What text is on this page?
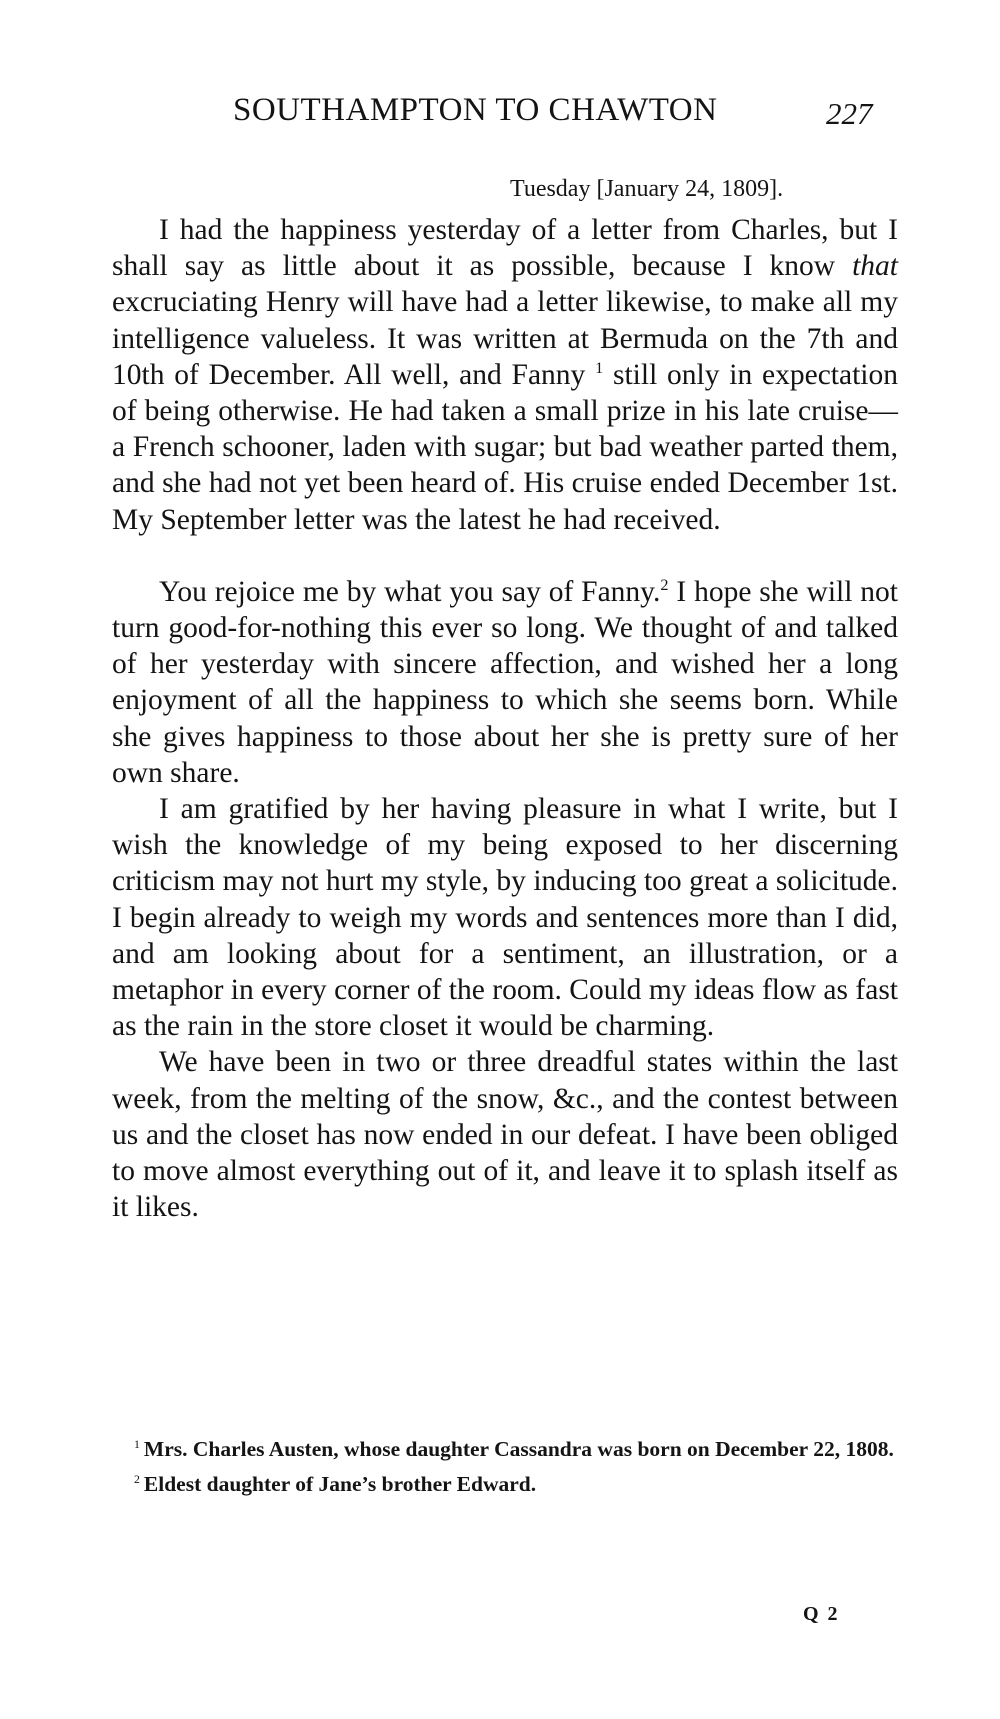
SOUTHAMPTON TO CHAWTON	227
Tuesday [January 24, 1809].

I had the happiness yesterday of a letter from Charles, but I shall say as little about it as possible, because I know that excruciating Henry will have had a letter likewise, to make all my intelligence valueless. It was written at Bermuda on the 7th and 10th of December. All well, and Fanny $^1$ still only in expectation of being otherwise. He had taken a small prize in his late cruise—a French schooner, laden with sugar; but bad weather parted them, and she had not yet been heard of. His cruise ended December 1st. My September letter was the latest he had received.

You rejoice me by what you say of Fanny.$^2$ I hope she will not turn good-for-nothing this ever so long. We thought of and talked of her yesterday with sincere affection, and wished her a long enjoyment of all the happiness to which she seems born. While she gives happiness to those about her she is pretty sure of her own share.

I am gratified by her having pleasure in what I write, but I wish the knowledge of my being exposed to her discerning criticism may not hurt my style, by inducing too great a solicitude. I begin already to weigh my words and sentences more than I did, and am looking about for a sentiment, an illustration, or a metaphor in every corner of the room. Could my ideas flow as fast as the rain in the store closet it would be charming.

We have been in two or three dreadful states within the last week, from the melting of the snow, &c., and the contest between us and the closet has now ended in our defeat. I have been obliged to move almost everything out of it, and leave it to splash itself as it likes.

$^1$ Mrs. Charles Austen, whose daughter Cassandra was born on December 22, 1808.

$^2$ Eldest daughter of Jane’s brother Edward.

Q 2
